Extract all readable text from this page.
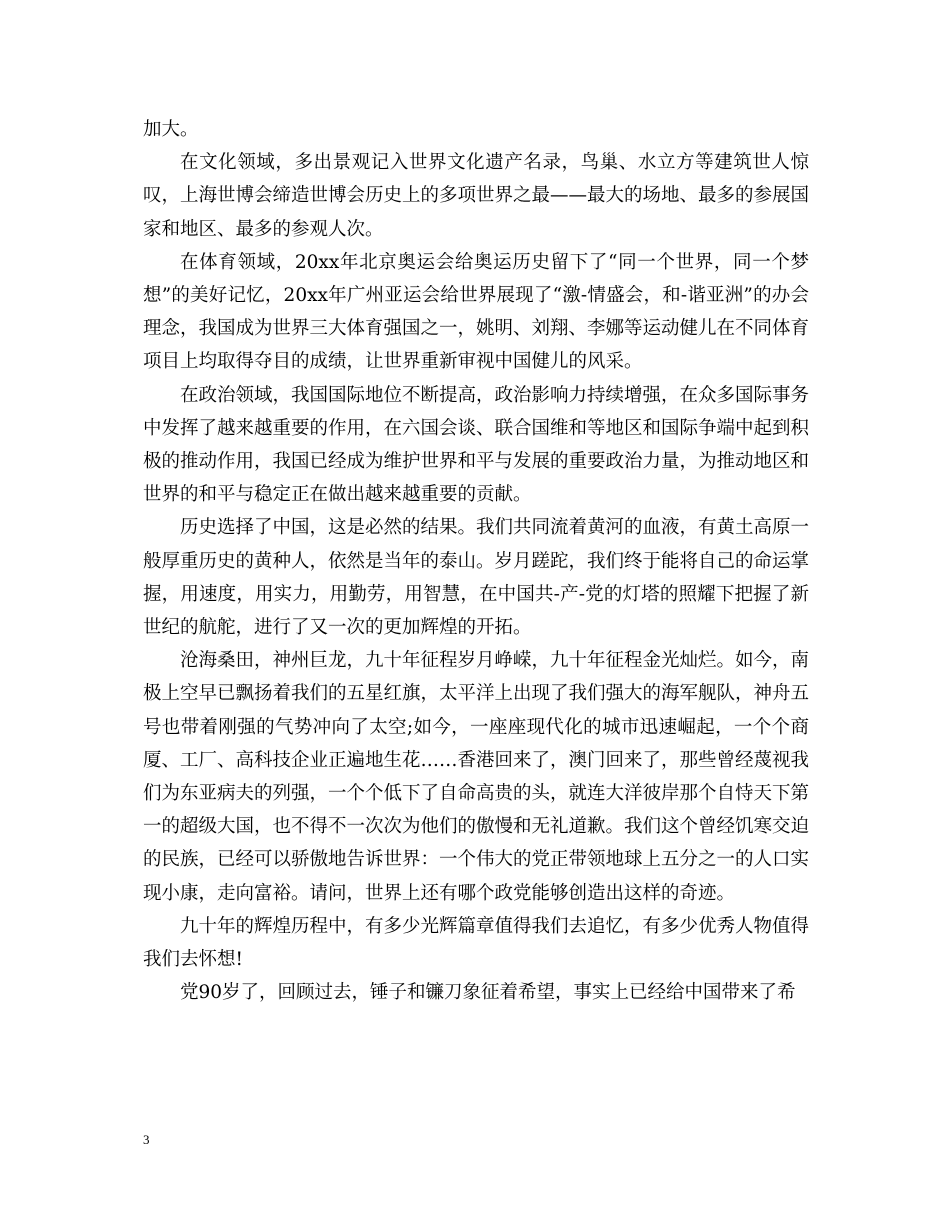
加大。

在文化领域，多出景观记入世界文化遗产名录，鸟巢、水立方等建筑世人惊叹，上海世博会缔造世博会历史上的多项世界之最——最大的场地、最多的参展国家和地区、最多的参观人次。

在体育领域，20xx年北京奥运会给奥运历史留下了“同一个世界，同一个梦想”的美好记忆，20xx年广州亚运会给世界展现了“激-情盛会，和-谐亚洲”的办会理念，我国成为世界三大体育强国之一，姚明、刘翔、李娜等运动健儿在不同体育项目上均取得夺目的成绩，让世界重新审视中国健儿的风采。

在政治领域，我国国际地位不断提高，政治影响力持续增强，在众多国际事务中发挥了越来越重要的作用，在六国会谈、联合国维和等地区和国际争端中起到积极的推动作用，我国已经成为维护世界和平与发展的重要政治力量，为推动地区和世界的和平与稳定正在做出越来越重要的贡献。

历史选择了中国，这是必然的结果。我们共同流着黄河的血液，有黄土高原一般厚重历史的黄种人，依然是当年的泰山。岁月蹉跎，我们终于能将自己的命运掌握，用速度，用实力，用勤劳，用智慧，在中国共-产-党的灯塔的照耀下把握了新世纪的航舵，进行了又一次的更加辉煌的开拓。

沧海桑田，神州巨龙，九十年征程岁月峥嵘，九十年征程金光灿烂。如今，南极上空早已飘扬着我们的五星红旗，太平洋上出现了我们强大的海军舰队，神舟五号也带着刚强的气势冲向了太空;如今，一座座现代化的城市迅速崛起，一个个商厦、工厂、高科技企业正遍地生花……香港回来了，澳门回来了，那些曾经蔑视我们为东亚病夫的列强，一个个低下了自命高贵的头，就连大洋彼岸那个自恃天下第一的超级大国，也不得不一次次为他们的傲慢和无礼道歉。我们这个曾经饥寒交迫的民族，已经可以骄傲地告诉世界：一个伟大的党正带领地球上五分之一的人口实现小康，走向富裕。请问，世界上还有哪个政党能够创造出这样的奇迹。

九十年的辉煌历程中，有多少光辉篇章值得我们去追忆，有多少优秀人物值得我们去怀想!

党90岁了，回顾过去，锤子和镰刀象征着希望，事实上已经给中国带来了希

3
